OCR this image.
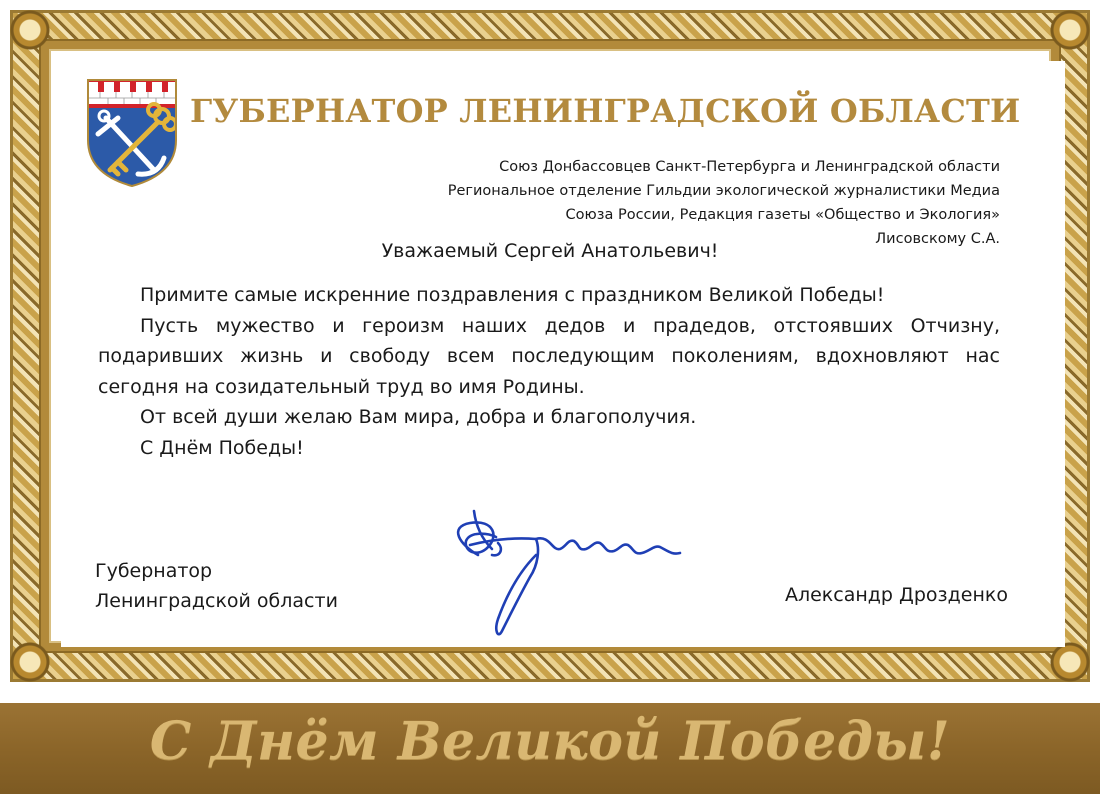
ГУБЕРНАТОР ЛЕНИНГРАДСКОЙ ОБЛАСТИ
Союз Донбассовцев Санкт-Петербурга и Ленинградской области
Региональное отделение Гильдии экологической журналистики Медиа
Союза России, Редакция газеты «Общество и Экология»
Лисовскому С.А.
Уважаемый Сергей Анатольевич!

Примите самые искренние поздравления с праздником Великой Победы!

Пусть мужество и героизм наших дедов и прадедов, отстоявших Отчизну, подаривших жизнь и свободу всем последующим поколениям, вдохновляют нас сегодня на созидательный труд во имя Родины.

От всей души желаю Вам мира, добра и благополучия.

С Днём Победы!

Губернатор
Ленинградской области	Александр Дрозденко
С Днём Великой Победы!
